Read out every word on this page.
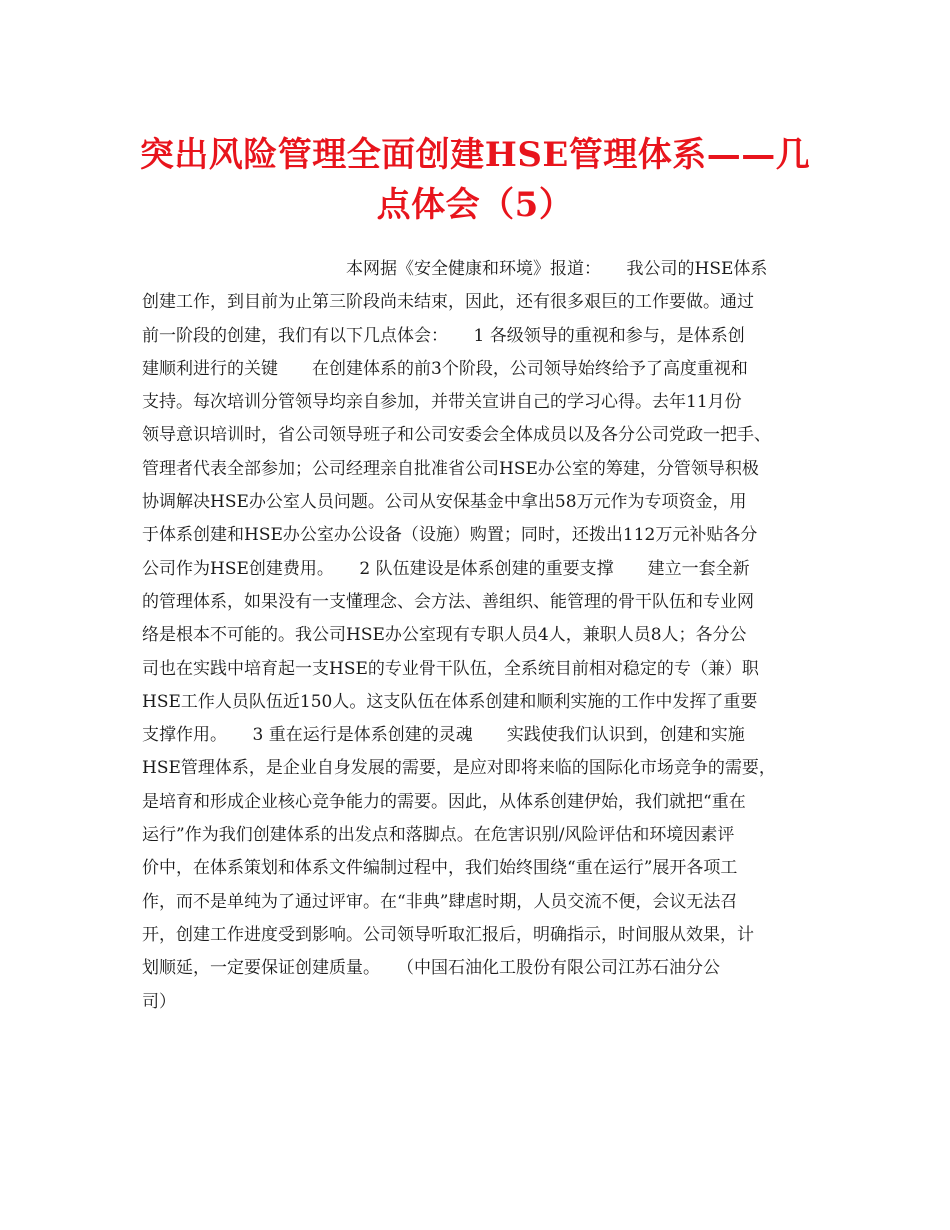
突出风险管理全面创建HSE管理体系——几
点体会（5）
本网据《安全健康和环境》报道：　　我公司的HSE体系
创建工作，到目前为止第三阶段尚未结束，因此，还有很多艰巨的工作要做。通过
前一阶段的创建，我们有以下几点体会：　　1 各级领导的重视和参与，是体系创
建顺利进行的关键　　在创建体系的前3个阶段，公司领导始终给予了高度重视和
支持。每次培训分管领导均亲自参加，并带关宣讲自己的学习心得。去年11月份
领导意识培训时，省公司领导班子和公司安委会全体成员以及各分公司党政一把手、
管理者代表全部参加；公司经理亲自批准省公司HSE办公室的筹建，分管领导积极
协调解决HSE办公室人员问题。公司从安保基金中拿出58万元作为专项资金，用
于体系创建和HSE办公室办公设备（设施）购置；同时，还拨出112万元补贴各分
公司作为HSE创建费用。　　2 队伍建设是体系创建的重要支撑　　建立一套全新
的管理体系，如果没有一支懂理念、会方法、善组织、能管理的骨干队伍和专业网
络是根本不可能的。我公司HSE办公室现有专职人员4人，兼职人员8人；各分公
司也在实践中培育起一支HSE的专业骨干队伍，全系统目前相对稳定的专（兼）职
HSE工作人员队伍近150人。这支队伍在体系创建和顺利实施的工作中发挥了重要
支撑作用。　　3 重在运行是体系创建的灵魂　　实践使我们认识到，创建和实施
HSE管理体系，是企业自身发展的需要，是应对即将来临的国际化市场竞争的需要，
是培育和形成企业核心竞争能力的需要。因此，从体系创建伊始，我们就把“重在
运行”作为我们创建体系的出发点和落脚点。在危害识别/风险评估和环境因素评
价中，在体系策划和体系文件编制过程中，我们始终围绕“重在运行”展开各项工
作，而不是单纯为了通过评审。在“非典”肆虐时期，人员交流不便，会议无法召
开，创建工作进度受到影响。公司领导听取汇报后，明确指示，时间服从效果，计
划顺延，一定要保证创建质量。　　（中国石油化工股份有限公司江苏石油分公
司）
